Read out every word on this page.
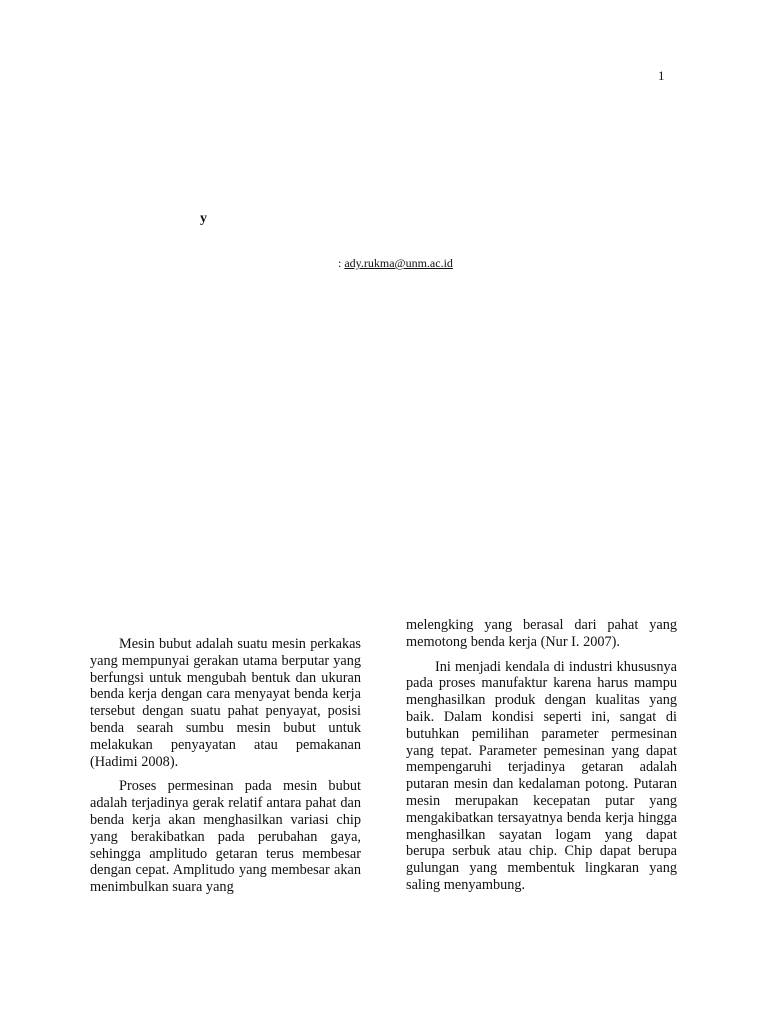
1
y
: ady.rukma@unm.ac.id

Mesin bubut adalah suatu mesin perkakas yang mempunyai gerakan utama berputar yang berfungsi untuk mengubah bentuk dan ukuran benda kerja dengan cara menyayat benda kerja tersebut dengan suatu pahat penyayat, posisi benda searah sumbu mesin bubut untuk melakukan penyayatan atau pemakanan (Hadimi 2008).

Proses permesinan pada mesin bubut adalah terjadinya gerak relatif antara pahat dan benda kerja akan menghasilkan variasi chip yang berakibatkan pada perubahan gaya, sehingga amplitudo getaran terus membesar dengan cepat. Amplitudo yang membesar akan menimbulkan suara yang

melengking yang berasal dari pahat yang memotong benda kerja (Nur I. 2007).

Ini menjadi kendala di industri khususnya pada proses manufaktur karena harus mampu menghasilkan produk dengan kualitas yang baik. Dalam kondisi seperti ini, sangat di butuhkan pemilihan parameter permesinan yang tepat. Parameter pemesinan yang dapat mempengaruhi terjadinya getaran adalah putaran mesin dan kedalaman potong. Putaran mesin merupakan kecepatan putar yang mengakibatkan tersayatnya benda kerja hingga menghasilkan sayatan logam yang dapat berupa serbuk atau chip. Chip dapat berupa gulungan yang membentuk lingkaran yang saling menyambung.
